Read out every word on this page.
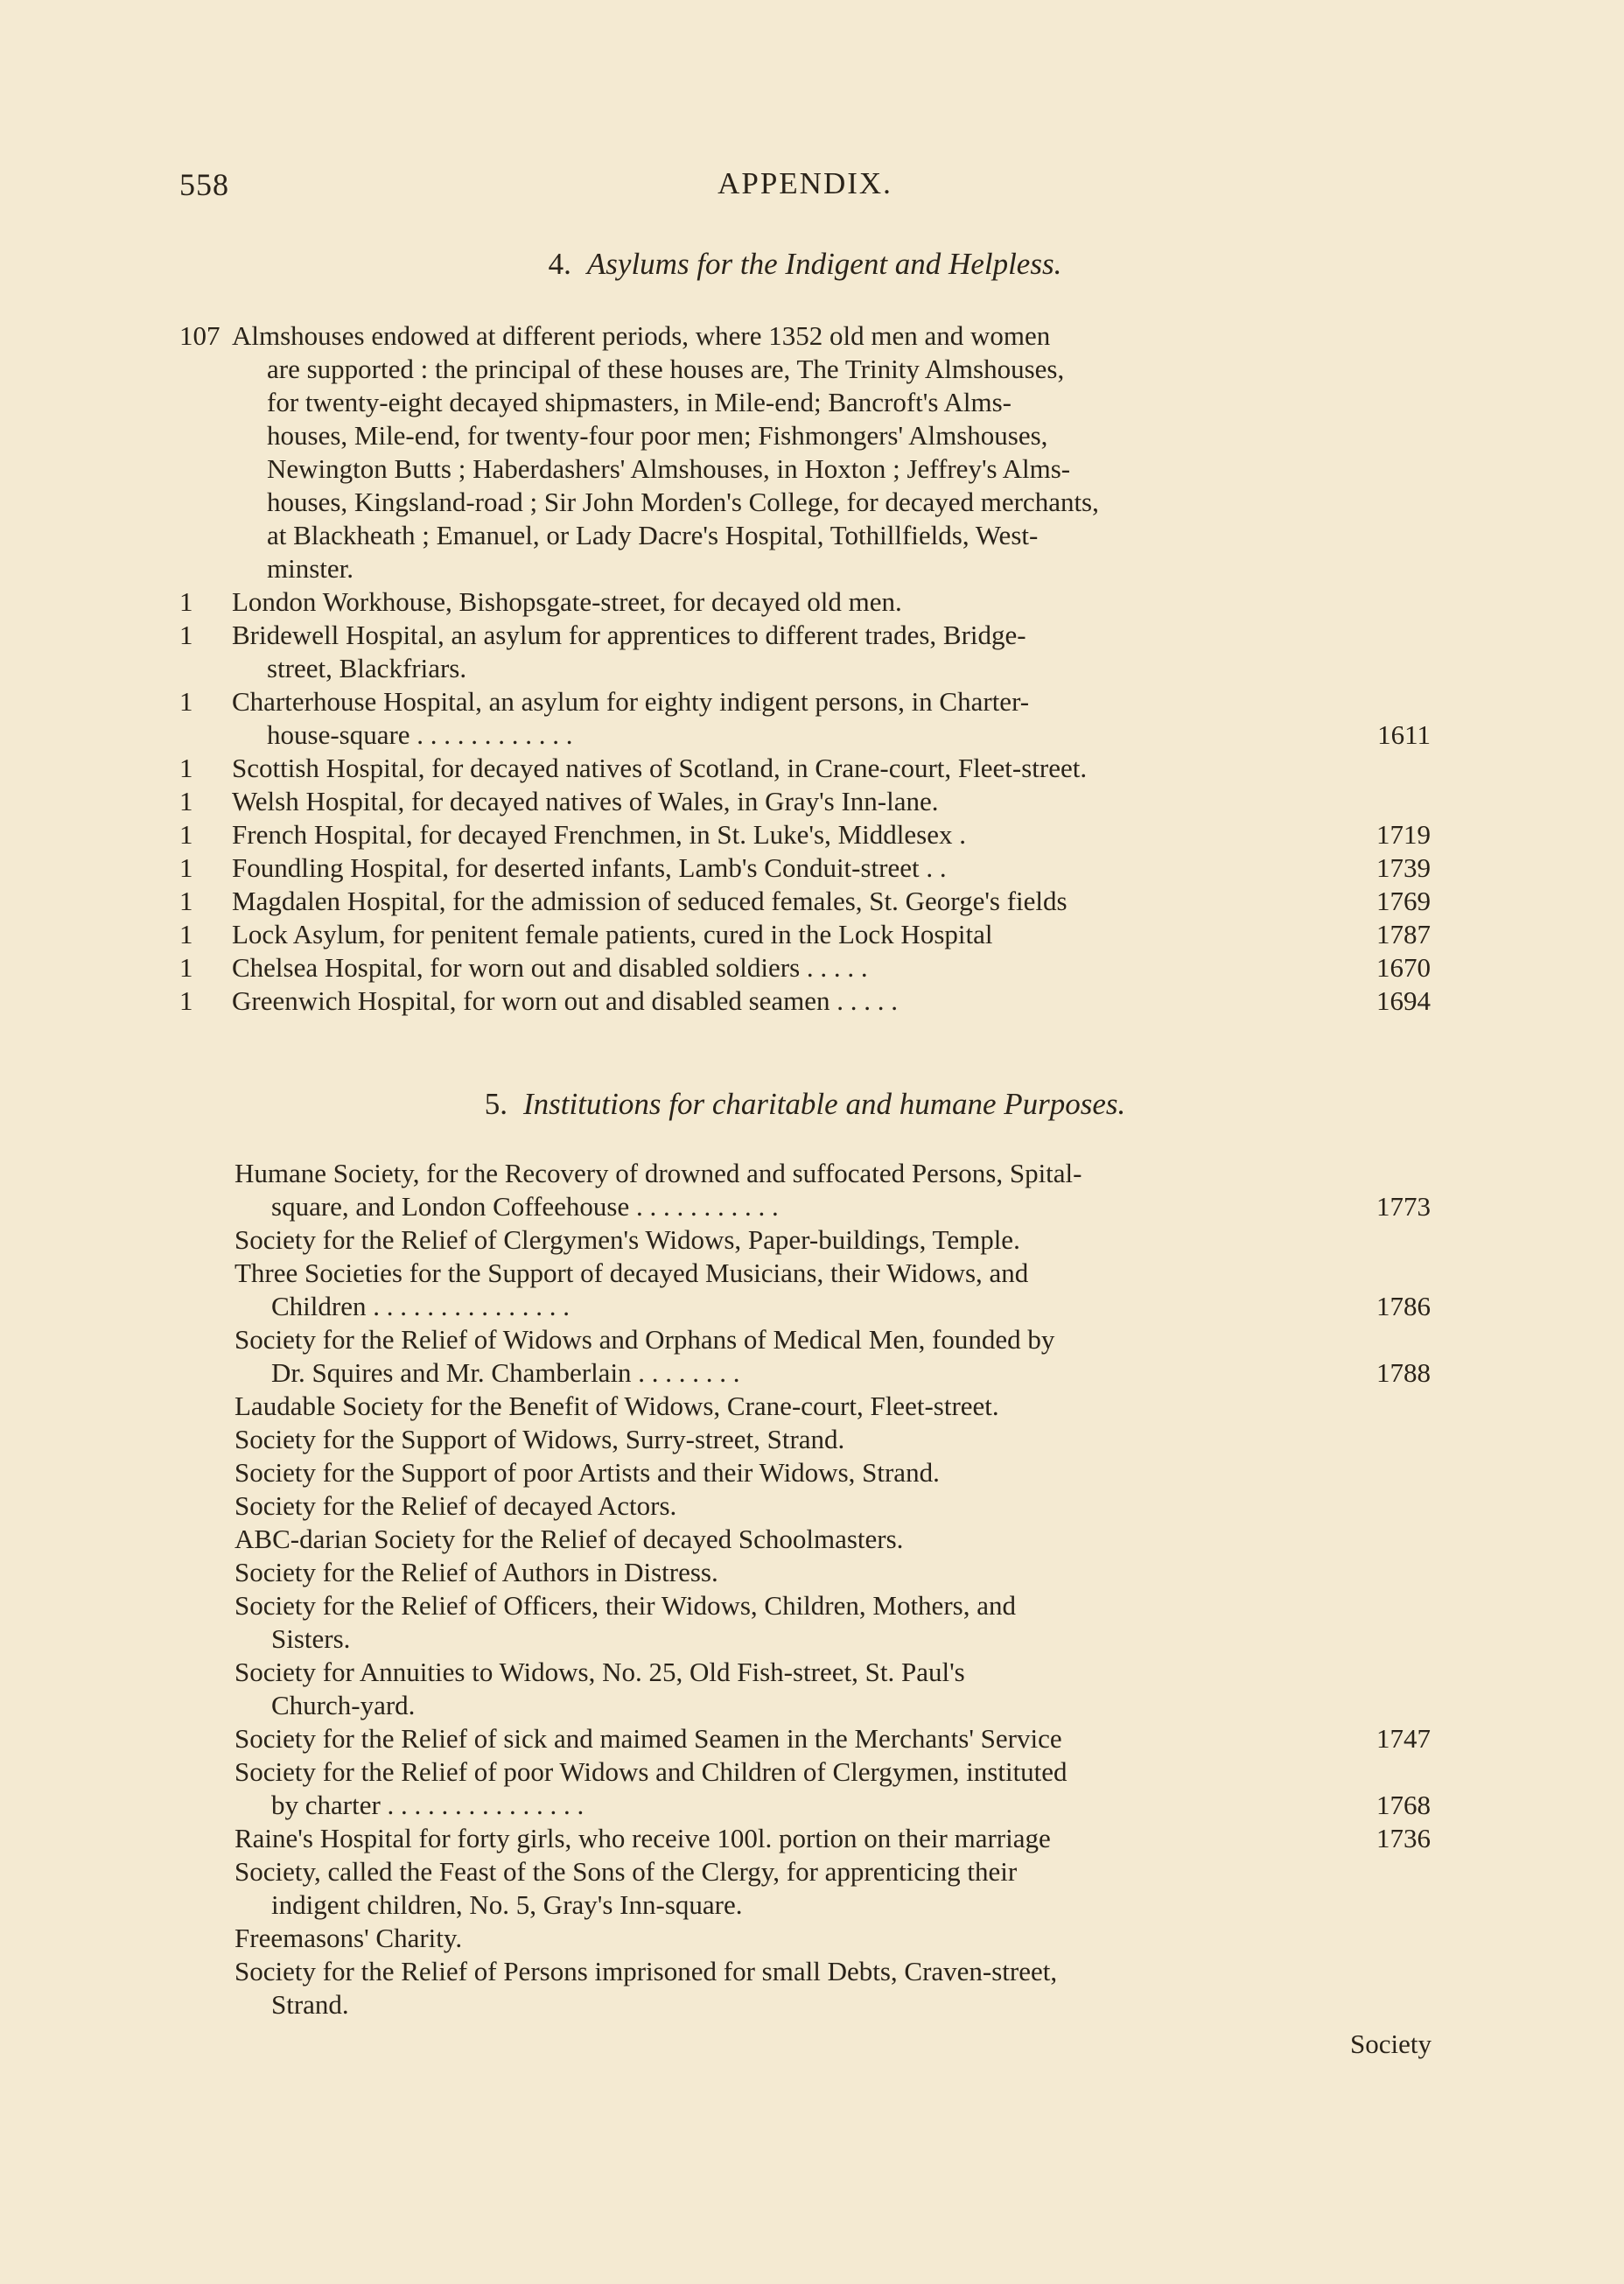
558	APPENDIX.
4. Asylums for the Indigent and Helpless.
107 Almshouses endowed at different periods, where 1352 old men and women
are supported : the principal of these houses are, The Trinity Almshouses,
for twenty-eight decayed shipmasters, in Mile-end; Bancroft's Alms-
houses, Mile-end, for twenty-four poor men; Fishmongers' Almshouses,
Newington Butts ; Haberdashers' Almshouses, in Hoxton ; Jeffrey's Alms-
houses, Kingsland-road ; Sir John Morden's College, for decayed merchants,
at Blackheath ; Emanuel, or Lady Dacre's Hospital, Tothillfields, West-
minster.
1	London Workhouse, Bishopsgate-street, for decayed old men.
1	Bridewell Hospital, an asylum for apprentices to different trades, Bridge-
street, Blackfriars.
1	Charterhouse Hospital, an asylum for eighty indigent persons, in Charter-
house-square . . . . . . . . . . . .	1611
1	Scottish Hospital, for decayed natives of Scotland, in Crane-court, Fleet-street.
1	Welsh Hospital, for decayed natives of Wales, in Gray's Inn-lane.
1	French Hospital, for decayed Frenchmen, in St. Luke's, Middlesex .	1719
1	Foundling Hospital, for deserted infants, Lamb's Conduit-street . .	1739
1	Magdalen Hospital, for the admission of seduced females, St. George's fields	1769
1	Lock Asylum, for penitent female patients, cured in the Lock Hospital	1787
1	Chelsea Hospital, for worn out and disabled soldiers . . . . .	1670
1	Greenwich Hospital, for worn out and disabled seamen . . . . .	1694
5. Institutions for charitable and humane Purposes.
Humane Society, for the Recovery of drowned and suffocated Persons, Spital-
square, and London Coffeehouse . . . . . . . . . . .	1773
Society for the Relief of Clergymen's Widows, Paper-buildings, Temple.
Three Societies for the Support of decayed Musicians, their Widows, and
Children . . . . . . . . . . . . . . .	1786
Society for the Relief of Widows and Orphans of Medical Men, founded by
Dr. Squires and Mr. Chamberlain . . . . . . . .	1788
Laudable Society for the Benefit of Widows, Crane-court, Fleet-street.
Society for the Support of Widows, Surry-street, Strand.
Society for the Support of poor Artists and their Widows, Strand.
Society for the Relief of decayed Actors.
ABC-darian Society for the Relief of decayed Schoolmasters.
Society for the Relief of Authors in Distress.
Society for the Relief of Officers, their Widows, Children, Mothers, and
Sisters.
Society for Annuities to Widows, No. 25, Old Fish-street, St. Paul's
Church-yard.
Society for the Relief of sick and maimed Seamen in the Merchants' Service	1747
Society for the Relief of poor Widows and Children of Clergymen, instituted
by charter . . . . . . . . . . . . . . .	1768
Raine's Hospital for forty girls, who receive 100l. portion on their marriage	1736
Society, called the Feast of the Sons of the Clergy, for apprenticing their
indigent children, No. 5, Gray's Inn-square.
Freemasons' Charity.
Society for the Relief of Persons imprisoned for small Debts, Craven-street,
Strand.
Society
